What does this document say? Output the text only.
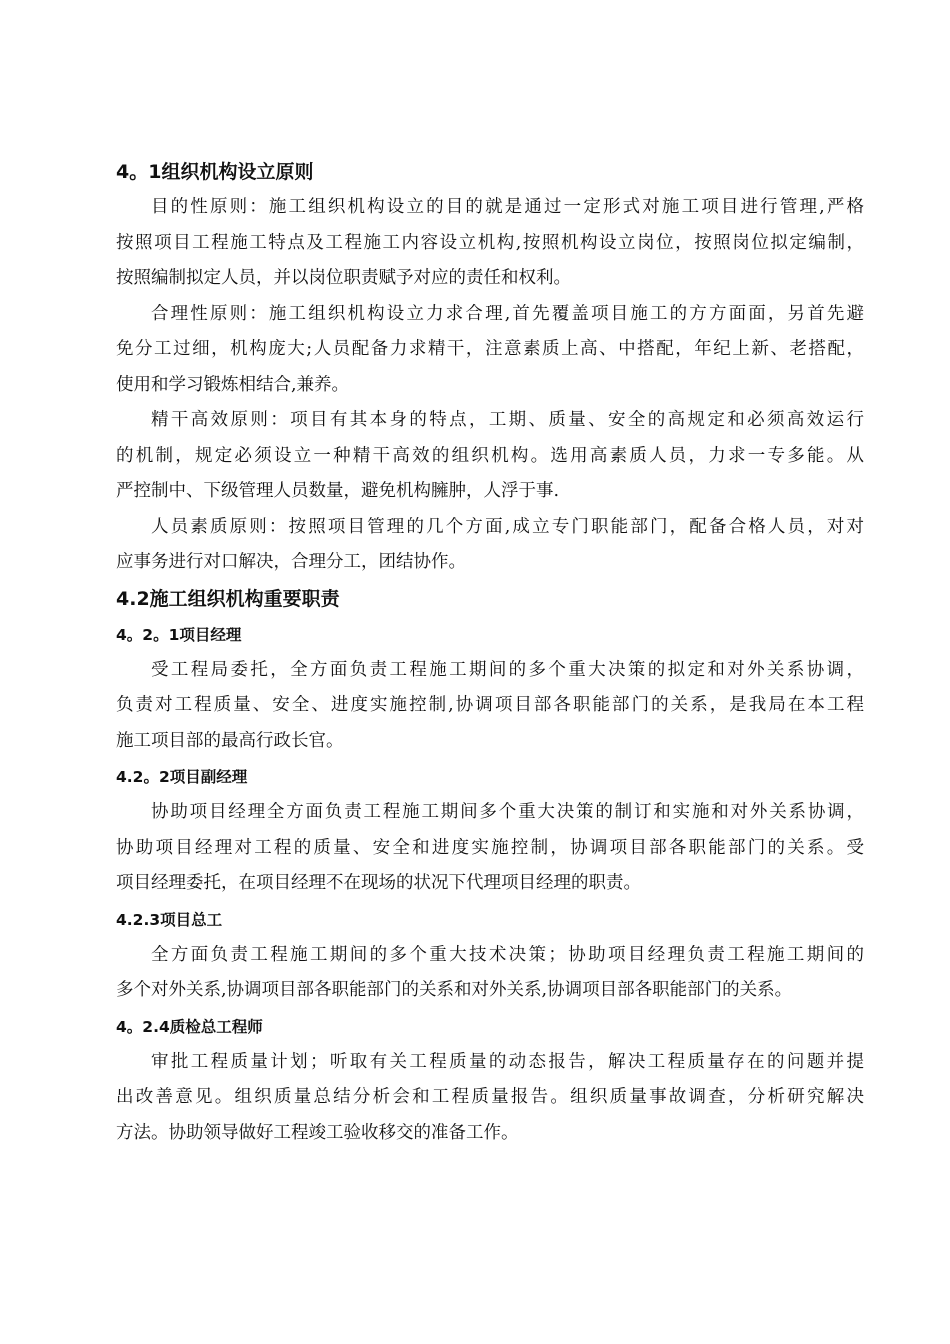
4。1组织机构设立原则
目的性原则：施工组织机构设立的目的就是通过一定形式对施工项目进行管理,严格
按照项目工程施工特点及工程施工内容设立机构,按照机构设立岗位，按照岗位拟定编制，
按照编制拟定人员，并以岗位职责赋予对应的责任和权利。
合理性原则：施工组织机构设立力求合理,首先覆盖项目施工的方方面面，另首先避
免分工过细，机构庞大;人员配备力求精干，注意素质上高、中搭配，年纪上新、老搭配，
使用和学习锻炼相结合,兼养。
精干高效原则：项目有其本身的特点，工期、质量、安全的高规定和必须高效运行
的机制，规定必须设立一种精干高效的组织机构。选用高素质人员，力求一专多能。从
严控制中、下级管理人员数量，避免机构臃肿，人浮于事.
人员素质原则：按照项目管理的几个方面,成立专门职能部门，配备合格人员，对对
应事务进行对口解决，合理分工，团结协作。
4.2施工组织机构重要职责
4。2。1项目经理
受工程局委托，全方面负责工程施工期间的多个重大决策的拟定和对外关系协调，
负责对工程质量、安全、进度实施控制,协调项目部各职能部门的关系，是我局在本工程
施工项目部的最高行政长官。
4.2。2项目副经理
协助项目经理全方面负责工程施工期间多个重大决策的制订和实施和对外关系协调，
协助项目经理对工程的质量、安全和进度实施控制，协调项目部各职能部门的关系。受
项目经理委托，在项目经理不在现场的状况下代理项目经理的职责。
4.2.3项目总工
全方面负责工程施工期间的多个重大技术决策；协助项目经理负责工程施工期间的
多个对外关系,协调项目部各职能部门的关系和对外关系,协调项目部各职能部门的关系。
4。2.4质检总工程师
审批工程质量计划；听取有关工程质量的动态报告，解决工程质量存在的问题并提
出改善意见。组织质量总结分析会和工程质量报告。组织质量事故调查，分析研究解决
方法。协助领导做好工程竣工验收移交的准备工作。
